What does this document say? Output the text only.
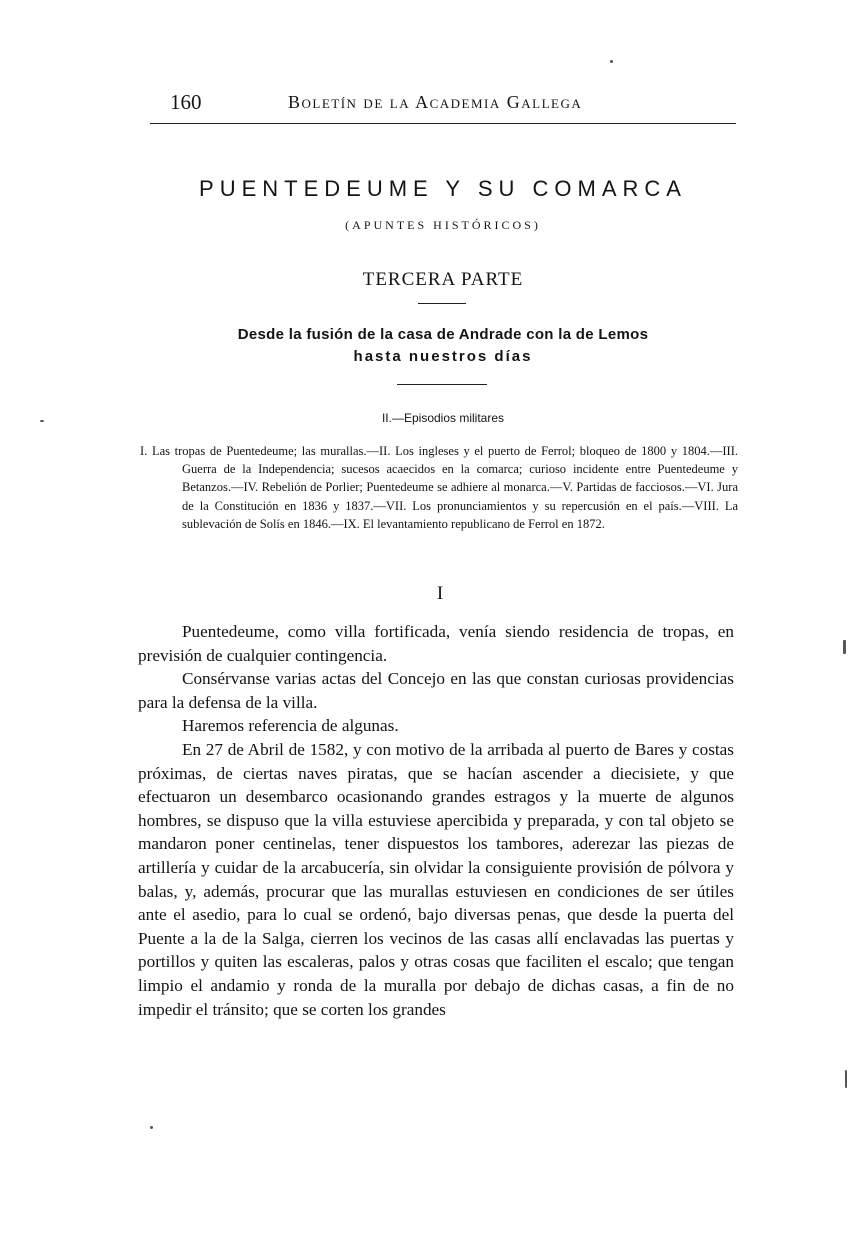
160	Boletín de la Academia Gallega
PUENTEDEUME Y SU COMARCA
(APUNTES HISTÓRICOS)
TERCERA PARTE
Desde la fusión de la casa de Andrade con la de Lemos
hasta nuestros días
II.—Episodios militares
I. Las tropas de Puentedeume; las murallas.—II. Los ingleses y el puerto de Ferrol; bloqueo de 1800 y 1804.—III. Guerra de la Independencia; sucesos acaecidos en la comarca; curioso incidente entre Puentedeume y Betanzos.—IV. Rebelión de Porlier; Puentedeume se adhiere al monarca.—V. Partidas de facciosos.—VI. Jura de la Constitución en 1836 y 1837.—VII. Los pronunciamientos y su repercusión en el país.—VIII. La sublevación de Solís en 1846.—IX. El levantamiento republicano de Ferrol en 1872.
I

Puentedeume, como villa fortificada, venía siendo residencia de tropas, en previsión de cualquier contingencia.

Consérvanse varias actas del Concejo en las que constan curiosas providencias para la defensa de la villa.

Haremos referencia de algunas.

En 27 de Abril de 1582, y con motivo de la arribada al puerto de Bares y costas próximas, de ciertas naves piratas, que se hacían ascender a diecisiete, y que efectuaron un desembarco ocasionando grandes estragos y la muerte de algunos hombres, se dispuso que la villa estuviese apercibida y preparada, y con tal objeto se mandaron poner centinelas, tener dispuestos los tambores, aderezar las piezas de artillería y cuidar de la arcabucería, sin olvidar la consiguiente provisión de pólvora y balas, y, además, procurar que las murallas estuviesen en condiciones de ser útiles ante el asedio, para lo cual se ordenó, bajo diversas penas, que desde la puerta del Puente a la de la Salga, cierren los vecinos de las casas allí enclavadas las puertas y portillos y quiten las escaleras, palos y otras cosas que faciliten el escalo; que tengan limpio el andamio y ronda de la muralla por debajo de dichas casas, a fin de no impedir el tránsito; que se corten los grandes
